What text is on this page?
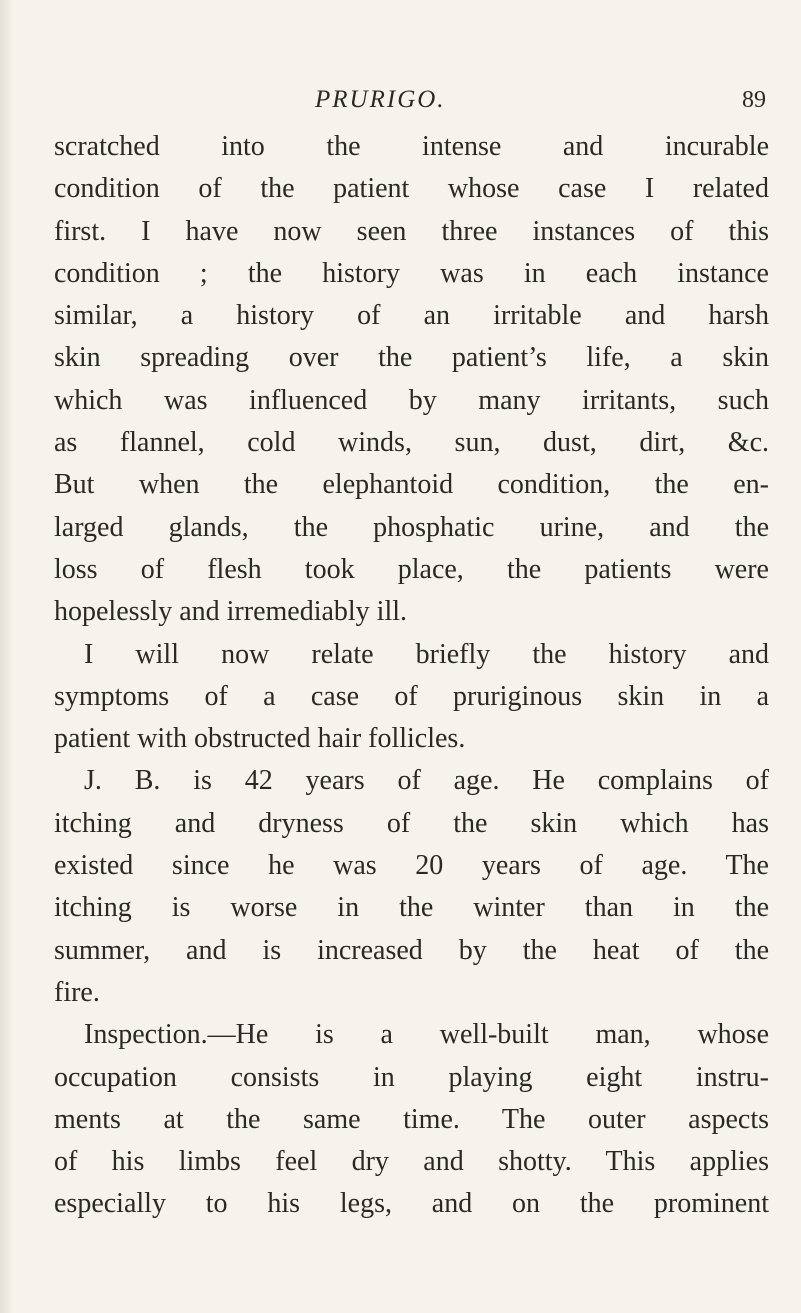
PRURIGO.	89
scratched into the intense and incurable
condition of the patient whose case I related
first. I have now seen three instances of this
condition ; the history was in each instance
similar, a history of an irritable and harsh
skin spreading over the patient’s life, a skin
which was influenced by many irritants, such
as flannel, cold winds, sun, dust, dirt, &c.
But when the elephantoid condition, the en-
larged glands, the phosphatic urine, and the
loss of flesh took place, the patients were
hopelessly and irremediably ill.
I will now relate briefly the history and
symptoms of a case of pruriginous skin in a
patient with obstructed hair follicles.
J. B. is 42 years of age. He complains of
itching and dryness of the skin which has
existed since he was 20 years of age. The
itching is worse in the winter than in the
summer, and is increased by the heat of the
fire.
Inspection.—He is a well-built man, whose
occupation consists in playing eight instru-
ments at the same time. The outer aspects
of his limbs feel dry and shotty. This applies
especially to his legs, and on the prominent
